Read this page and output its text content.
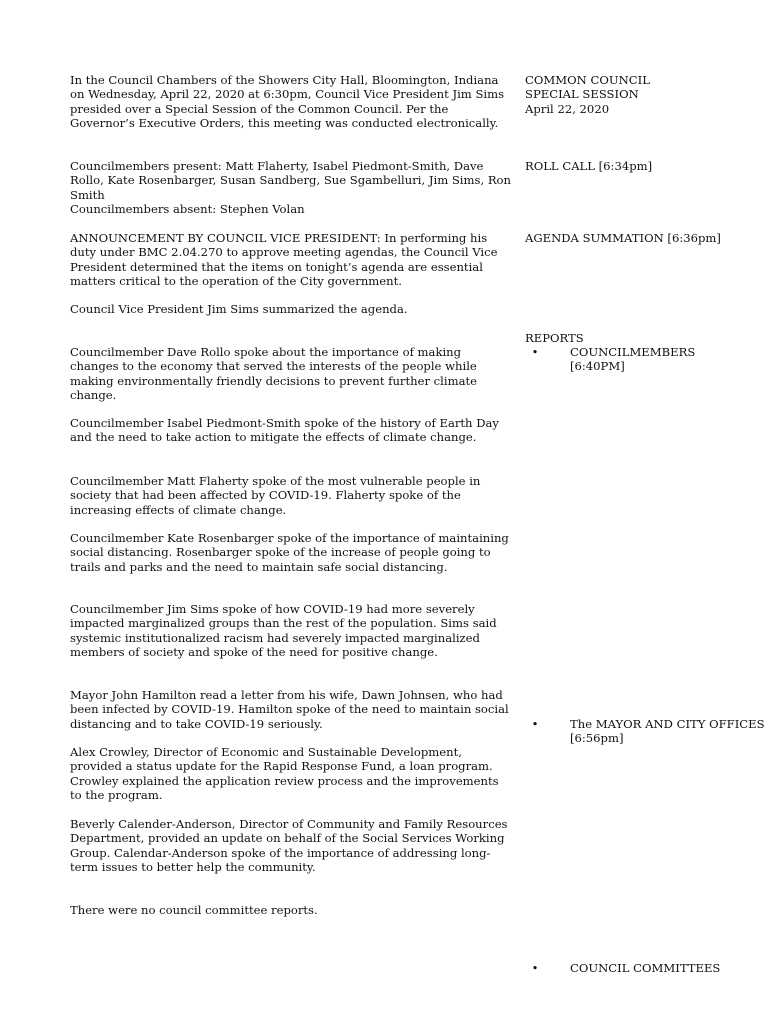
In the Council Chambers of the Showers City Hall, Bloomington, Indiana on Wednesday, April 22, 2020 at 6:30pm, Council Vice President Jim Sims presided over a Special Session of the Common Council. Per the Governor’s Executive Orders, this meeting was conducted electronically.

Councilmembers present: Matt Flaherty, Isabel Piedmont-Smith, Dave Rollo, Kate Rosenbarger, Susan Sandberg, Sue Sgambelluri, Jim Sims, Ron Smith

Councilmembers absent: Stephen Volan

ANNOUNCEMENT BY COUNCIL VICE PRESIDENT: In performing his duty under BMC 2.04.270 to approve meeting agendas, the Council Vice President determined that the items on tonight’s agenda are essential matters critical to the operation of the City government.

Council Vice President Jim Sims summarized the agenda.

Councilmember Dave Rollo spoke about the importance of making changes to the economy that served the interests of the people while making environmentally friendly decisions to prevent further climate change.

Councilmember Isabel Piedmont-Smith spoke of the history of Earth Day and the need to take action to mitigate the effects of climate change.

Councilmember Matt Flaherty spoke of the most vulnerable people in society that had been affected by COVID-19. Flaherty spoke of the increasing effects of climate change.

Councilmember Kate Rosenbarger spoke of the importance of maintaining social distancing. Rosenbarger spoke of the increase of people going to trails and parks and the need to maintain safe social distancing.

Councilmember Jim Sims spoke of how COVID-19 had more severely impacted marginalized groups than the rest of the population. Sims said systemic institutionalized racism had severely impacted marginalized members of society and spoke of the need for positive change.

Mayor John Hamilton read a letter from his wife, Dawn Johnsen, who had been infected by COVID-19. Hamilton spoke of the need to maintain social distancing and to take COVID-19 seriously.

Alex Crowley, Director of Economic and Sustainable Development, provided a status update for the Rapid Response Fund, a loan program. Crowley explained the application review process and the improvements to the program.

Beverly Calender-Anderson, Director of Community and Family Resources Department, provided an update on behalf of the Social Services Working Group. Calendar-Anderson spoke of the importance of addressing long-term issues to better help the community.

There were no council committee reports.

COMMON COUNCIL
SPECIAL SESSION
April 22, 2020

ROLL CALL [6:34pm]

AGENDA SUMMATION [6:36pm]

REPORTS

•	COUNCILMEMBERS [6:40PM]
•	The MAYOR AND CITY OFFICES [6:56pm]
•	COUNCIL COMMITTEES
